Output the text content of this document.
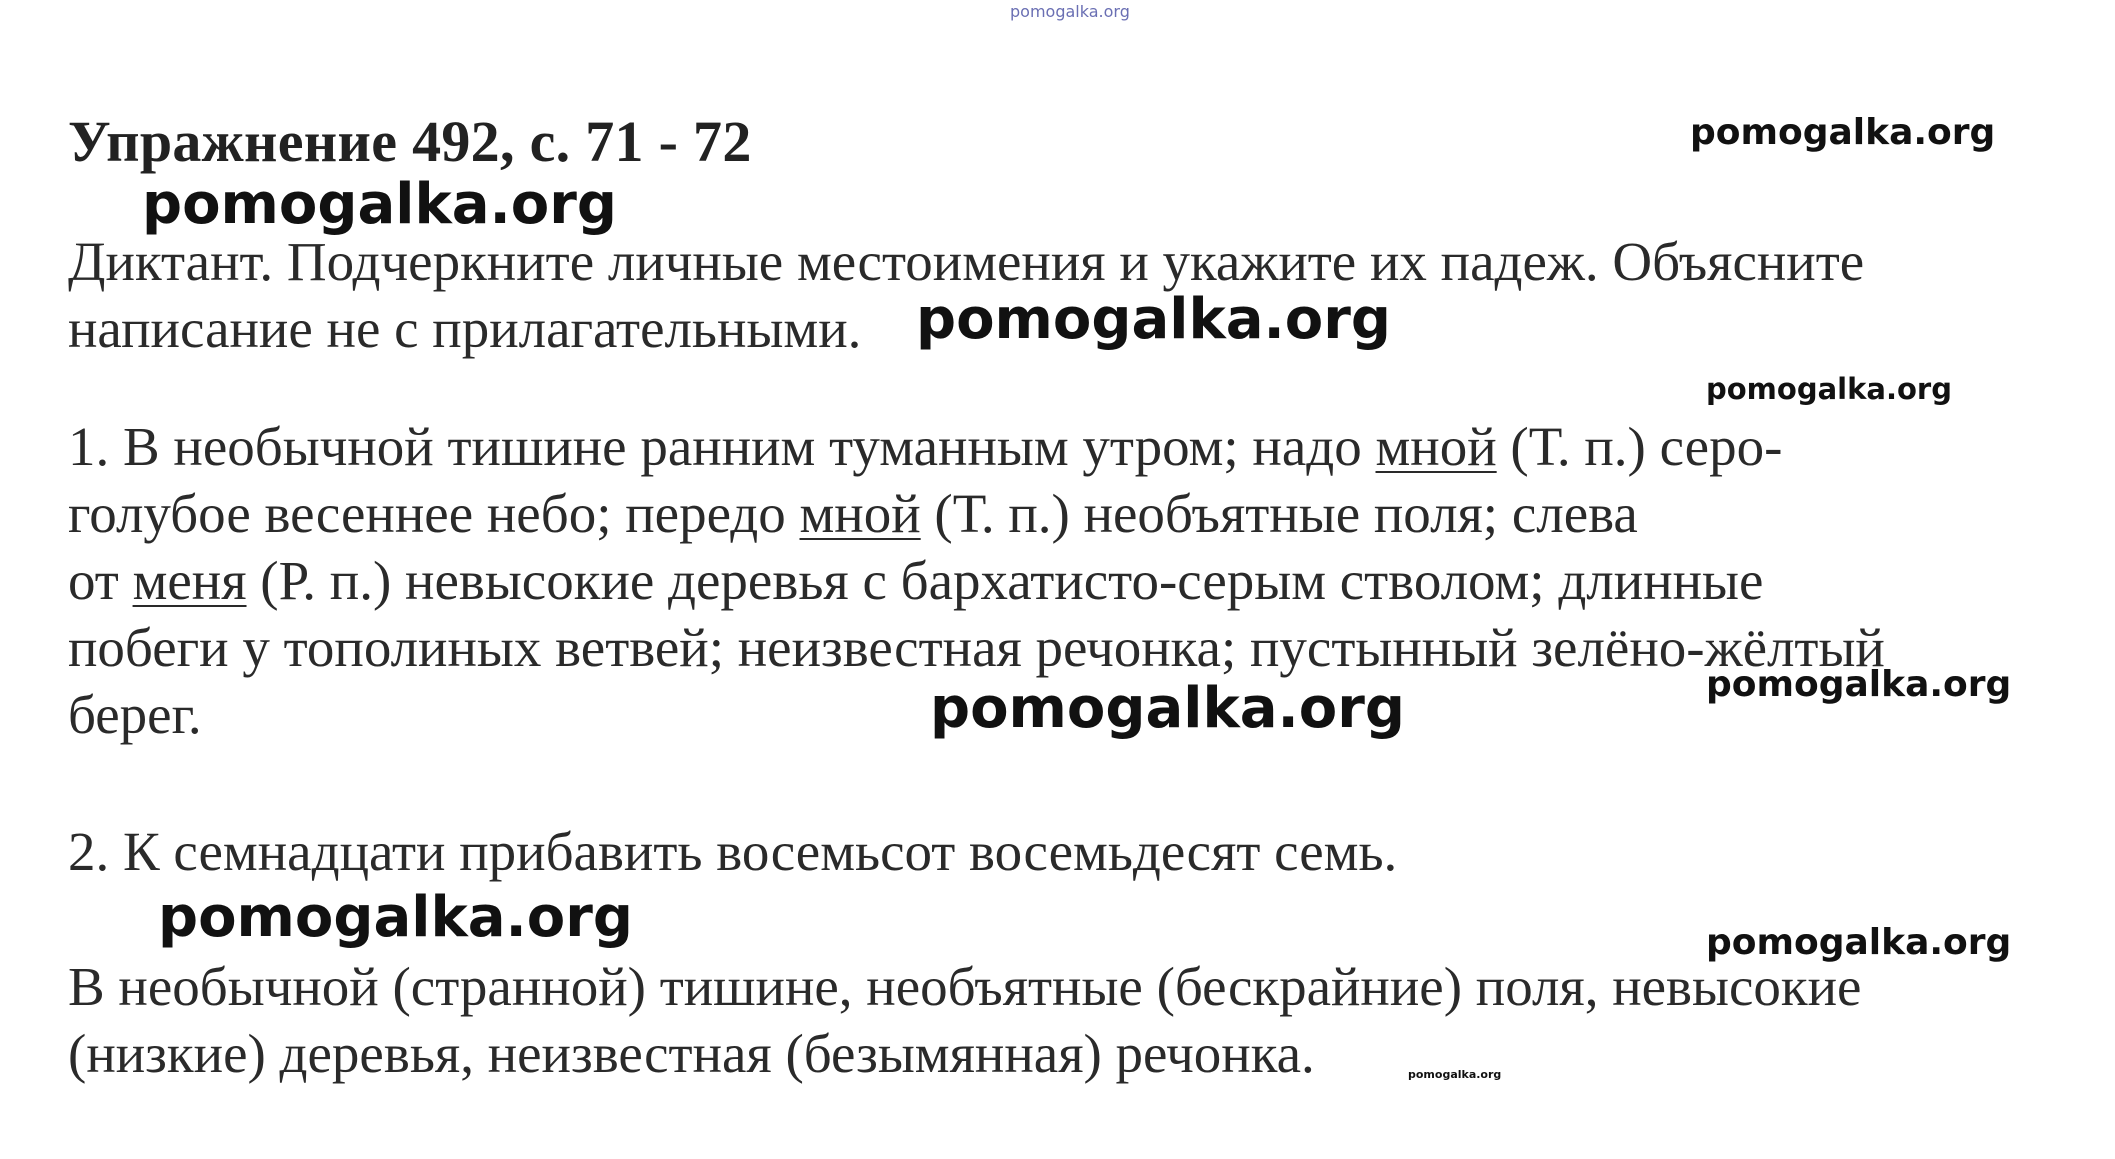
pomogalka.org
Упражнение 492, с. 71 - 72	pomogalka.org
pomogalka.org
Диктант. Подчеркните личные местоимения и укажите их падеж. Объясните
написание не с прилагательными. pomogalka.org
pomogalka.org
1. В необычной тишине ранним туманным утром; надо мной (Т. п.) серо-
голубое весеннее небо; передо мной (Т. п.) необъятные поля; слева
от меня (Р. п.) невысокие деревья с бархатисто-серым стволом; длинные
побеги у тополиных ветвей; неизвестная речонка; пустынный зелёно-жёлтый
берег.	pomogalka.org
pomogalka.org
2. К семнадцати прибавить восемьсот восемьдесят семь.
pomogalka.org	pomogalka.org
В необычной (странной) тишине, необъятные (бескрайние) поля, невысокие
(низкие) деревья, неизвестная (безымянная) речонка.	pomogalka.org
